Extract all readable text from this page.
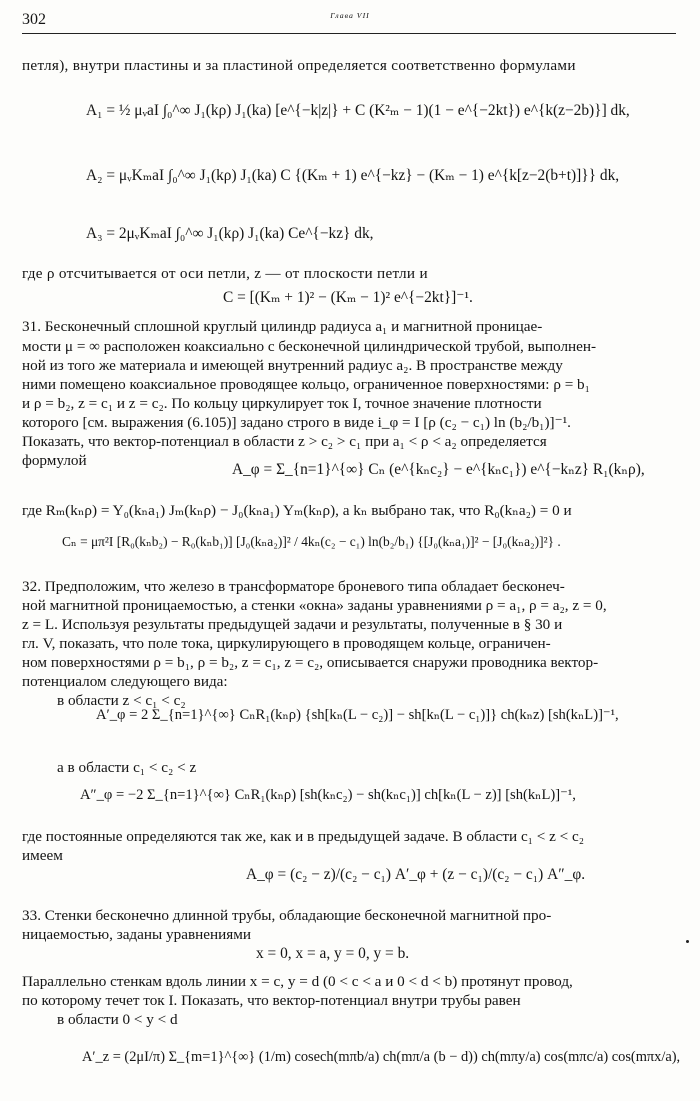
302	Глава VII
петля), внутри пластины и за пластиной определяется соответственно формулами
A₁ = ½ μᵥaI ∫₀^∞ J₁(kρ) J₁(ka) [e^{−k|z|} + C (K²ₘ − 1)(1 − e^{−2kt}) e^{k(z−2b)}] dk,
A₂ = μᵥKₘaI ∫₀^∞ J₁(kρ) J₁(ka) C {(Kₘ + 1) e^{−kz} − (Kₘ − 1) e^{k[z−2(b+t)]}} dk,
A₃ = 2μᵥKₘaI ∫₀^∞ J₁(kρ) J₁(ka) Ce^{−kz} dk,
где ρ отсчитывается от оси петли, z — от плоскости петли и
C = [(Kₘ + 1)² − (Kₘ − 1)² e^{−2kt}]⁻¹.
31. Бесконечный сплошной круглый цилиндр радиуса a₁ и магнитной проницае-
мости μ = ∞ расположен коаксиально с бесконечной цилиндрической трубой, выполнен-
ной из того же материала и имеющей внутренний радиус a₂. В пространстве между
ними помещено коаксиальное проводящее кольцо, ограниченное поверхностями: ρ = b₁
и ρ = b₂, z = c₁ и z = c₂. По кольцу циркулирует ток I, точное значение плотности
которого [см. выражения (6.105)] задано строго в виде i_φ = I [ρ (c₂ − c₁) ln (b₂/b₁)]⁻¹.
Показать, что вектор-потенциал в области z > c₂ > c₁ при a₁ < ρ < a₂ определяется
формулой
A_φ = Σ_{n=1}^{∞} Cₙ (e^{kₙc₂} − e^{kₙc₁}) e^{−kₙz} R₁(kₙρ),
где Rₘ(kₙρ) = Y₀(kₙa₁) Jₘ(kₙρ) − J₀(kₙa₁) Yₘ(kₙρ), а kₙ выбрано так, что R₀(kₙa₂) = 0 и
Cₙ = μπ²I [R₀(kₙb₂) − R₀(kₙb₁)] [J₀(kₙa₂)]² / 4kₙ(c₂ − c₁) ln(b₂/b₁) {[J₀(kₙa₁)]² − [J₀(kₙa₂)]²} .
32. Предположим, что железо в трансформаторе броневого типа обладает бесконеч-
ной магнитной проницаемостью, а стенки «окна» заданы уравнениями ρ = a₁, ρ = a₂, z = 0,
z = L. Используя результаты предыдущей задачи и результаты, полученные в § 30 и
гл. V, показать, что поле тока, циркулирующего в проводящем кольце, ограничен-
ном поверхностями ρ = b₁, ρ = b₂, z = c₁, z = c₂, описывается снаружи проводника вектор-
потенциалом следующего вида:
в области z < c₁ < c₂
A′_φ = 2 Σ_{n=1}^{∞} CₙR₁(kₙρ) {sh[kₙ(L − c₂)] − sh[kₙ(L − c₁)]} ch(kₙz) [sh(kₙL)]⁻¹,
а в области c₁ < c₂ < z
A″_φ = −2 Σ_{n=1}^{∞} CₙR₁(kₙρ) [sh(kₙc₂) − sh(kₙc₁)] ch[kₙ(L − z)] [sh(kₙL)]⁻¹,
где постоянные определяются так же, как и в предыдущей задаче. В области c₁ < z < c₂
имеем
A_φ = (c₂ − z)/(c₂ − c₁) A′_φ + (z − c₁)/(c₂ − c₁) A″_φ.
33. Стенки бесконечно длинной трубы, обладающие бесконечной магнитной про-
ницаемостью, заданы уравнениями
x = 0, x = a, y = 0, y = b.
Параллельно стенкам вдоль линии x = c, y = d (0 < c < a и 0 < d < b) протянут провод,
по которому течет ток I. Показать, что вектор-потенциал внутри трубы равен
в области 0 < y < d
A′_z = (2μI/π) Σ_{m=1}^{∞} (1/m) cosech(mπb/a) ch(mπ/a (b − d)) ch(mπy/a) cos(mπc/a) cos(mπx/a),
